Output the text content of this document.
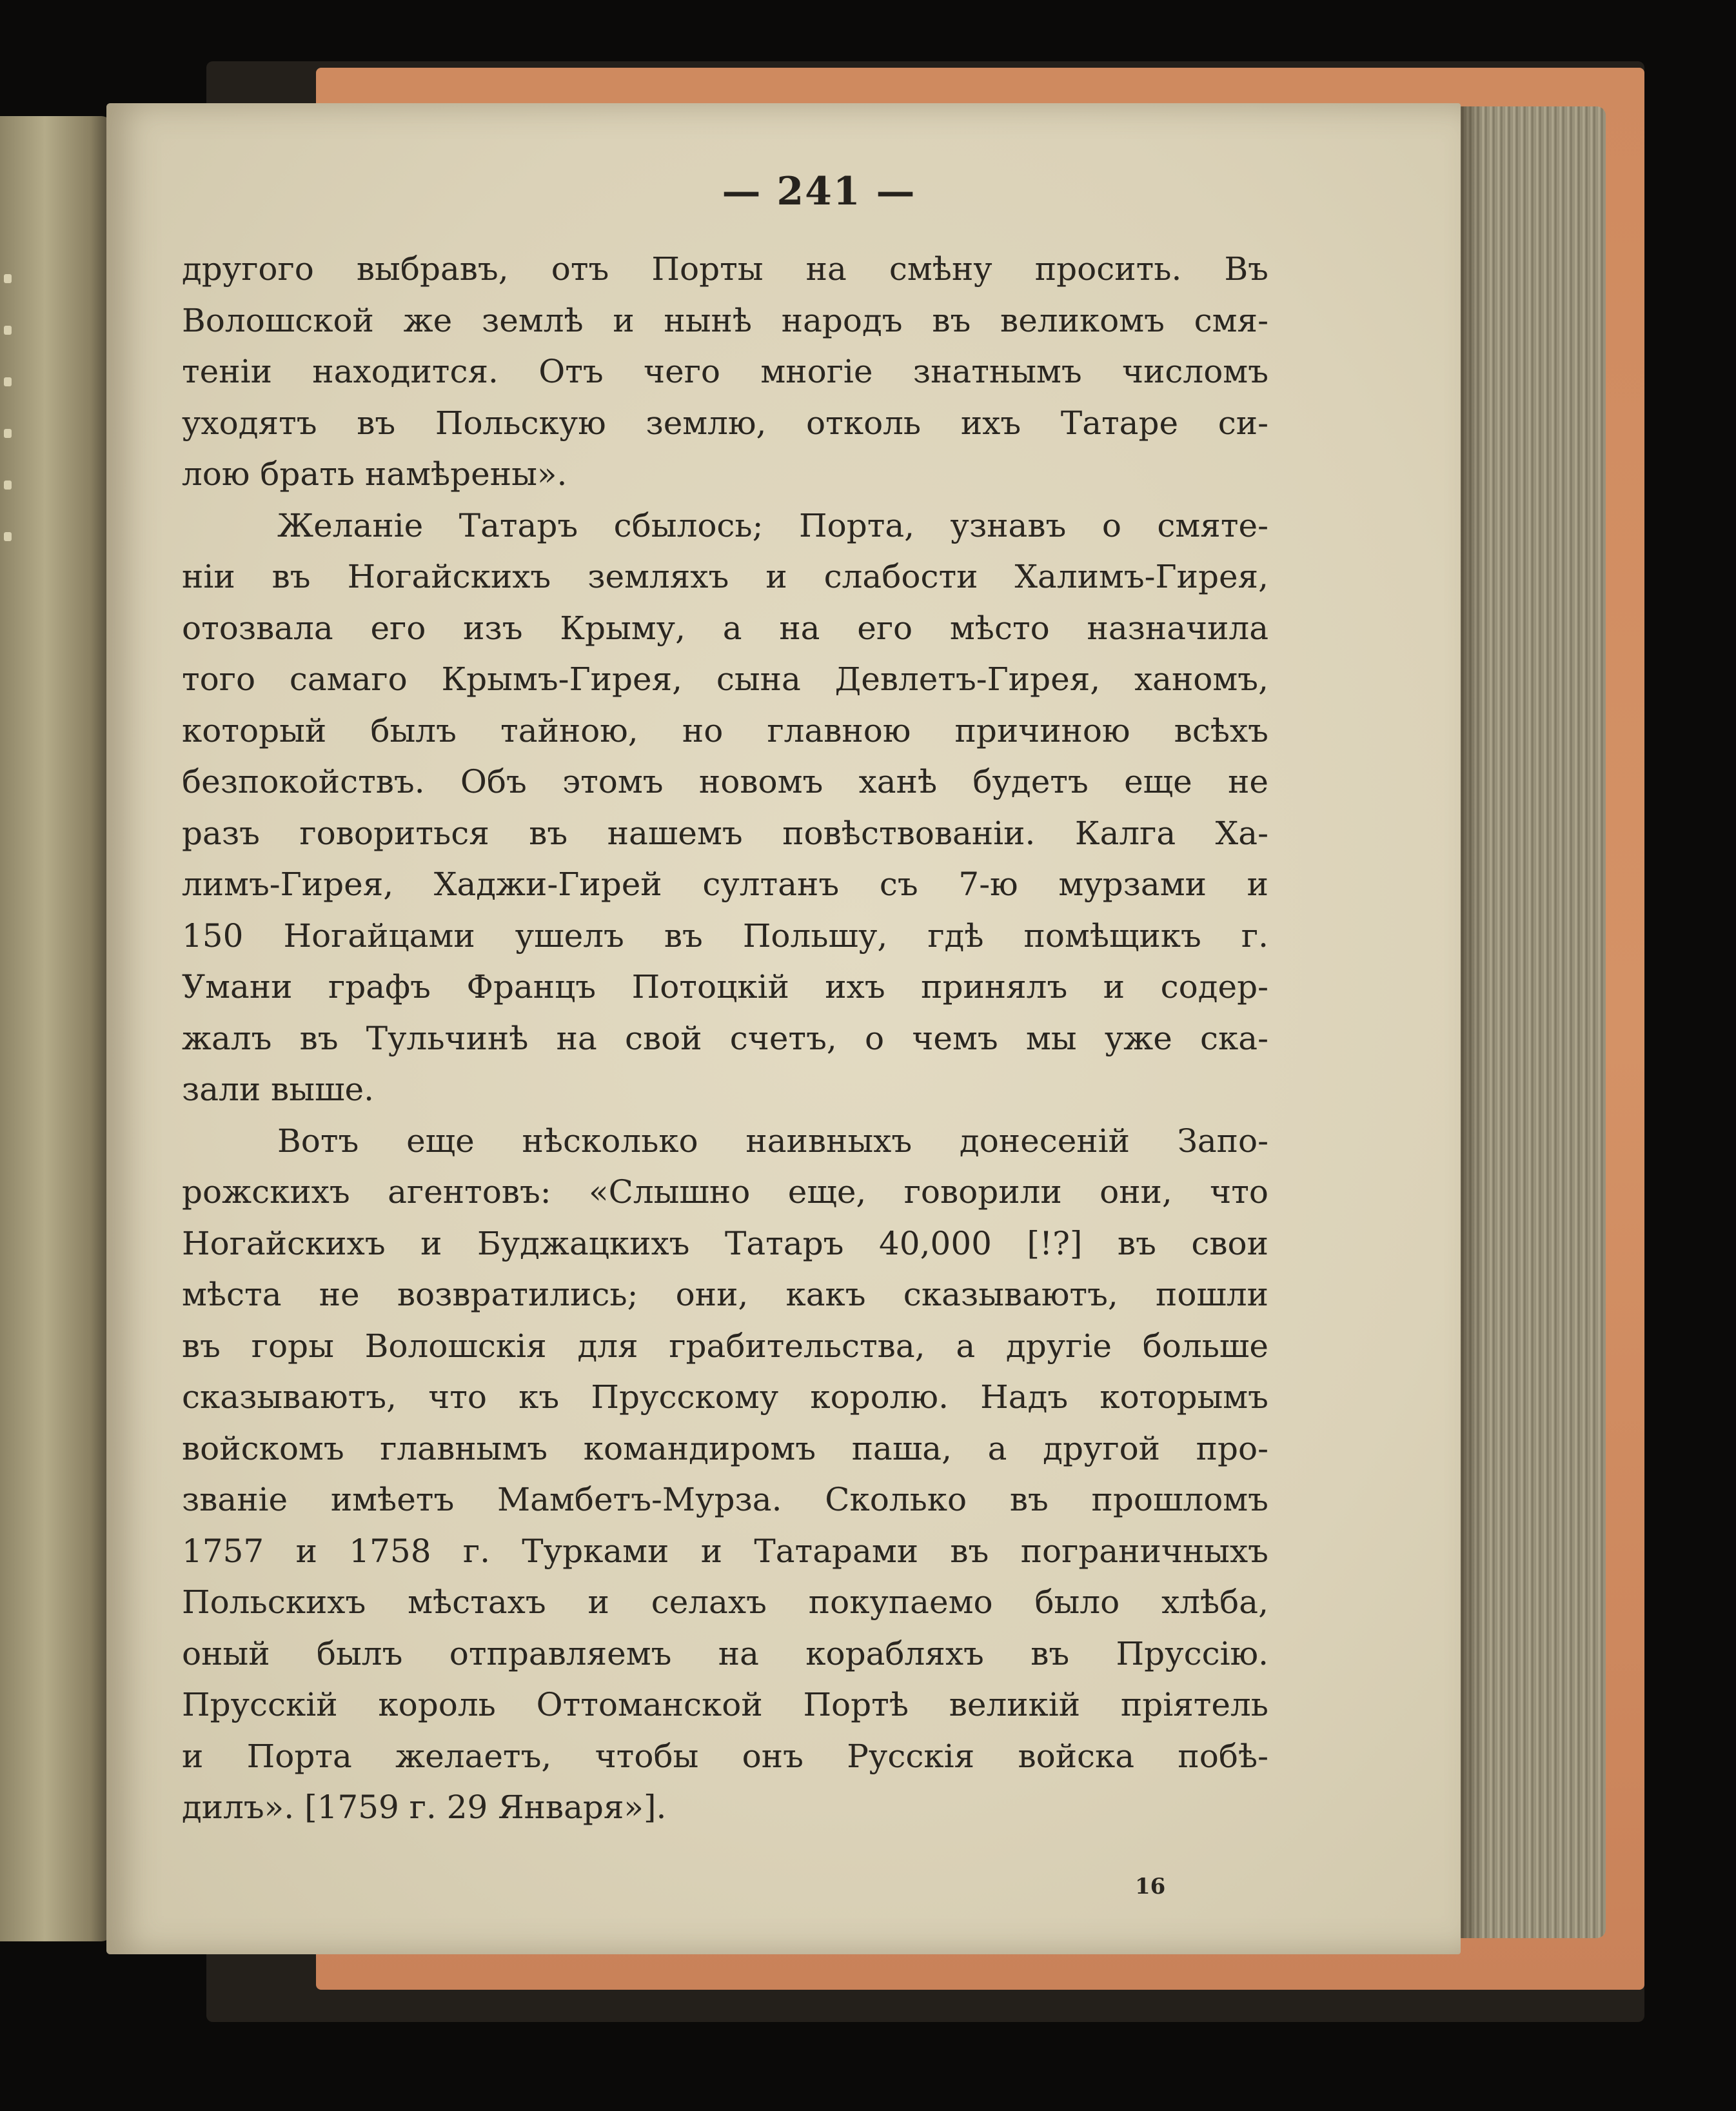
— 241 —
другого выбравъ, отъ Порты на смѣну просить. Въ
Волошской же землѣ и нынѣ народъ въ великомъ смя-
теніи находится. Отъ чего многіе знатнымъ числомъ
уходятъ въ Польскую землю, отколь ихъ Татаре си-
лою брать намѣрены».
Желаніе Татаръ сбылось; Порта, узнавъ о смяте-
ніи въ Ногайскихъ земляхъ и слабости Халимъ-Гирея,
отозвала его изъ Крыму, а на его мѣсто назначила
того самаго Крымъ-Гирея, сына Девлетъ-Гирея, ханомъ,
который былъ тайною, но главною причиною всѣхъ
безпокойствъ. Объ этомъ новомъ ханѣ будетъ еще не
разъ говориться въ нашемъ повѣствованіи. Калга Ха-
лимъ-Гирея, Хаджи-Гирей султанъ съ 7-ю мурзами и
150 Ногайцами ушелъ въ Польшу, гдѣ помѣщикъ г.
Умани графъ Францъ Потоцкій ихъ принялъ и содер-
жалъ въ Тульчинѣ на свой счетъ, о чемъ мы уже ска-
зали выше.
Вотъ еще нѣсколько наивныхъ донесеній Запо-
рожскихъ агентовъ: «Слышно еще, говорили они, что
Ногайскихъ и Буджацкихъ Татаръ 40,000 [!?] въ свои
мѣста не возвратились; они, какъ сказываютъ, пошли
въ горы Волошскія для грабительства, а другіе больше
сказываютъ, что къ Прусскому королю. Надъ которымъ
войскомъ главнымъ командиромъ паша, а другой про-
званіе имѣетъ Мамбетъ-Мурза. Сколько въ прошломъ
1757 и 1758 г. Турками и Татарами въ пограничныхъ
Польскихъ мѣстахъ и селахъ покупаемо было хлѣба,
оный былъ отправляемъ на корабляхъ въ Пруссію.
Прусскій король Оттоманской Портѣ великій пріятель
и Порта желаетъ, чтобы онъ Русскія войска побѣ-
дилъ». [1759 г. 29 Января»].
16
